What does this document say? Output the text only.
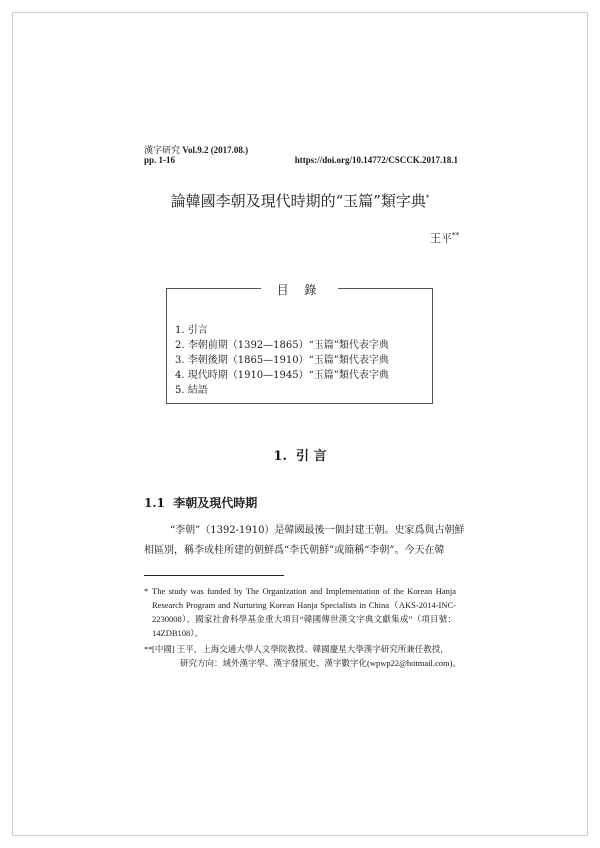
漢字研究 Vol.9.2 (2017.08.)
pp. 1-16	https://doi.org/10.14772/CSCCK.2017.18.1
論韓國李朝及現代時期的“玉篇”類字典*
王平**
目 錄
1. 引言
2. 李朝前期（1392—1865）“玉篇”類代表字典
3. 李朝後期（1865—1910）“玉篇”類代表字典
4. 現代時期（1910—1945）“玉篇”類代表字典
5. 結語
1.  引 言
1.1  李朝及現代時期
“李朝”（1392-1910）是韓國最後一個封建王朝。史家爲與古朝鮮
相區別，稱李成桂所建的朝鮮爲“李氏朝鮮”或簡稱“李朝”。今天在韓
* The study was funded by The Organization and Implementation of the Korean Hanja Research Program and Nurturing Korean Hanja Specialists in China（AKS-2014-INC-2230008）。國家社會科學基金重大項目“韓國傳世漢文字典文獻集成”（項目號：14ZDB108）。
** [中國] 王平，上海交通大學人文學院教授、韓國慶星大學漢字研究所兼任教授，
研究方向：域外漢字學、漢字發展史、漢字數字化(wpwp22@hotmail.com)。
